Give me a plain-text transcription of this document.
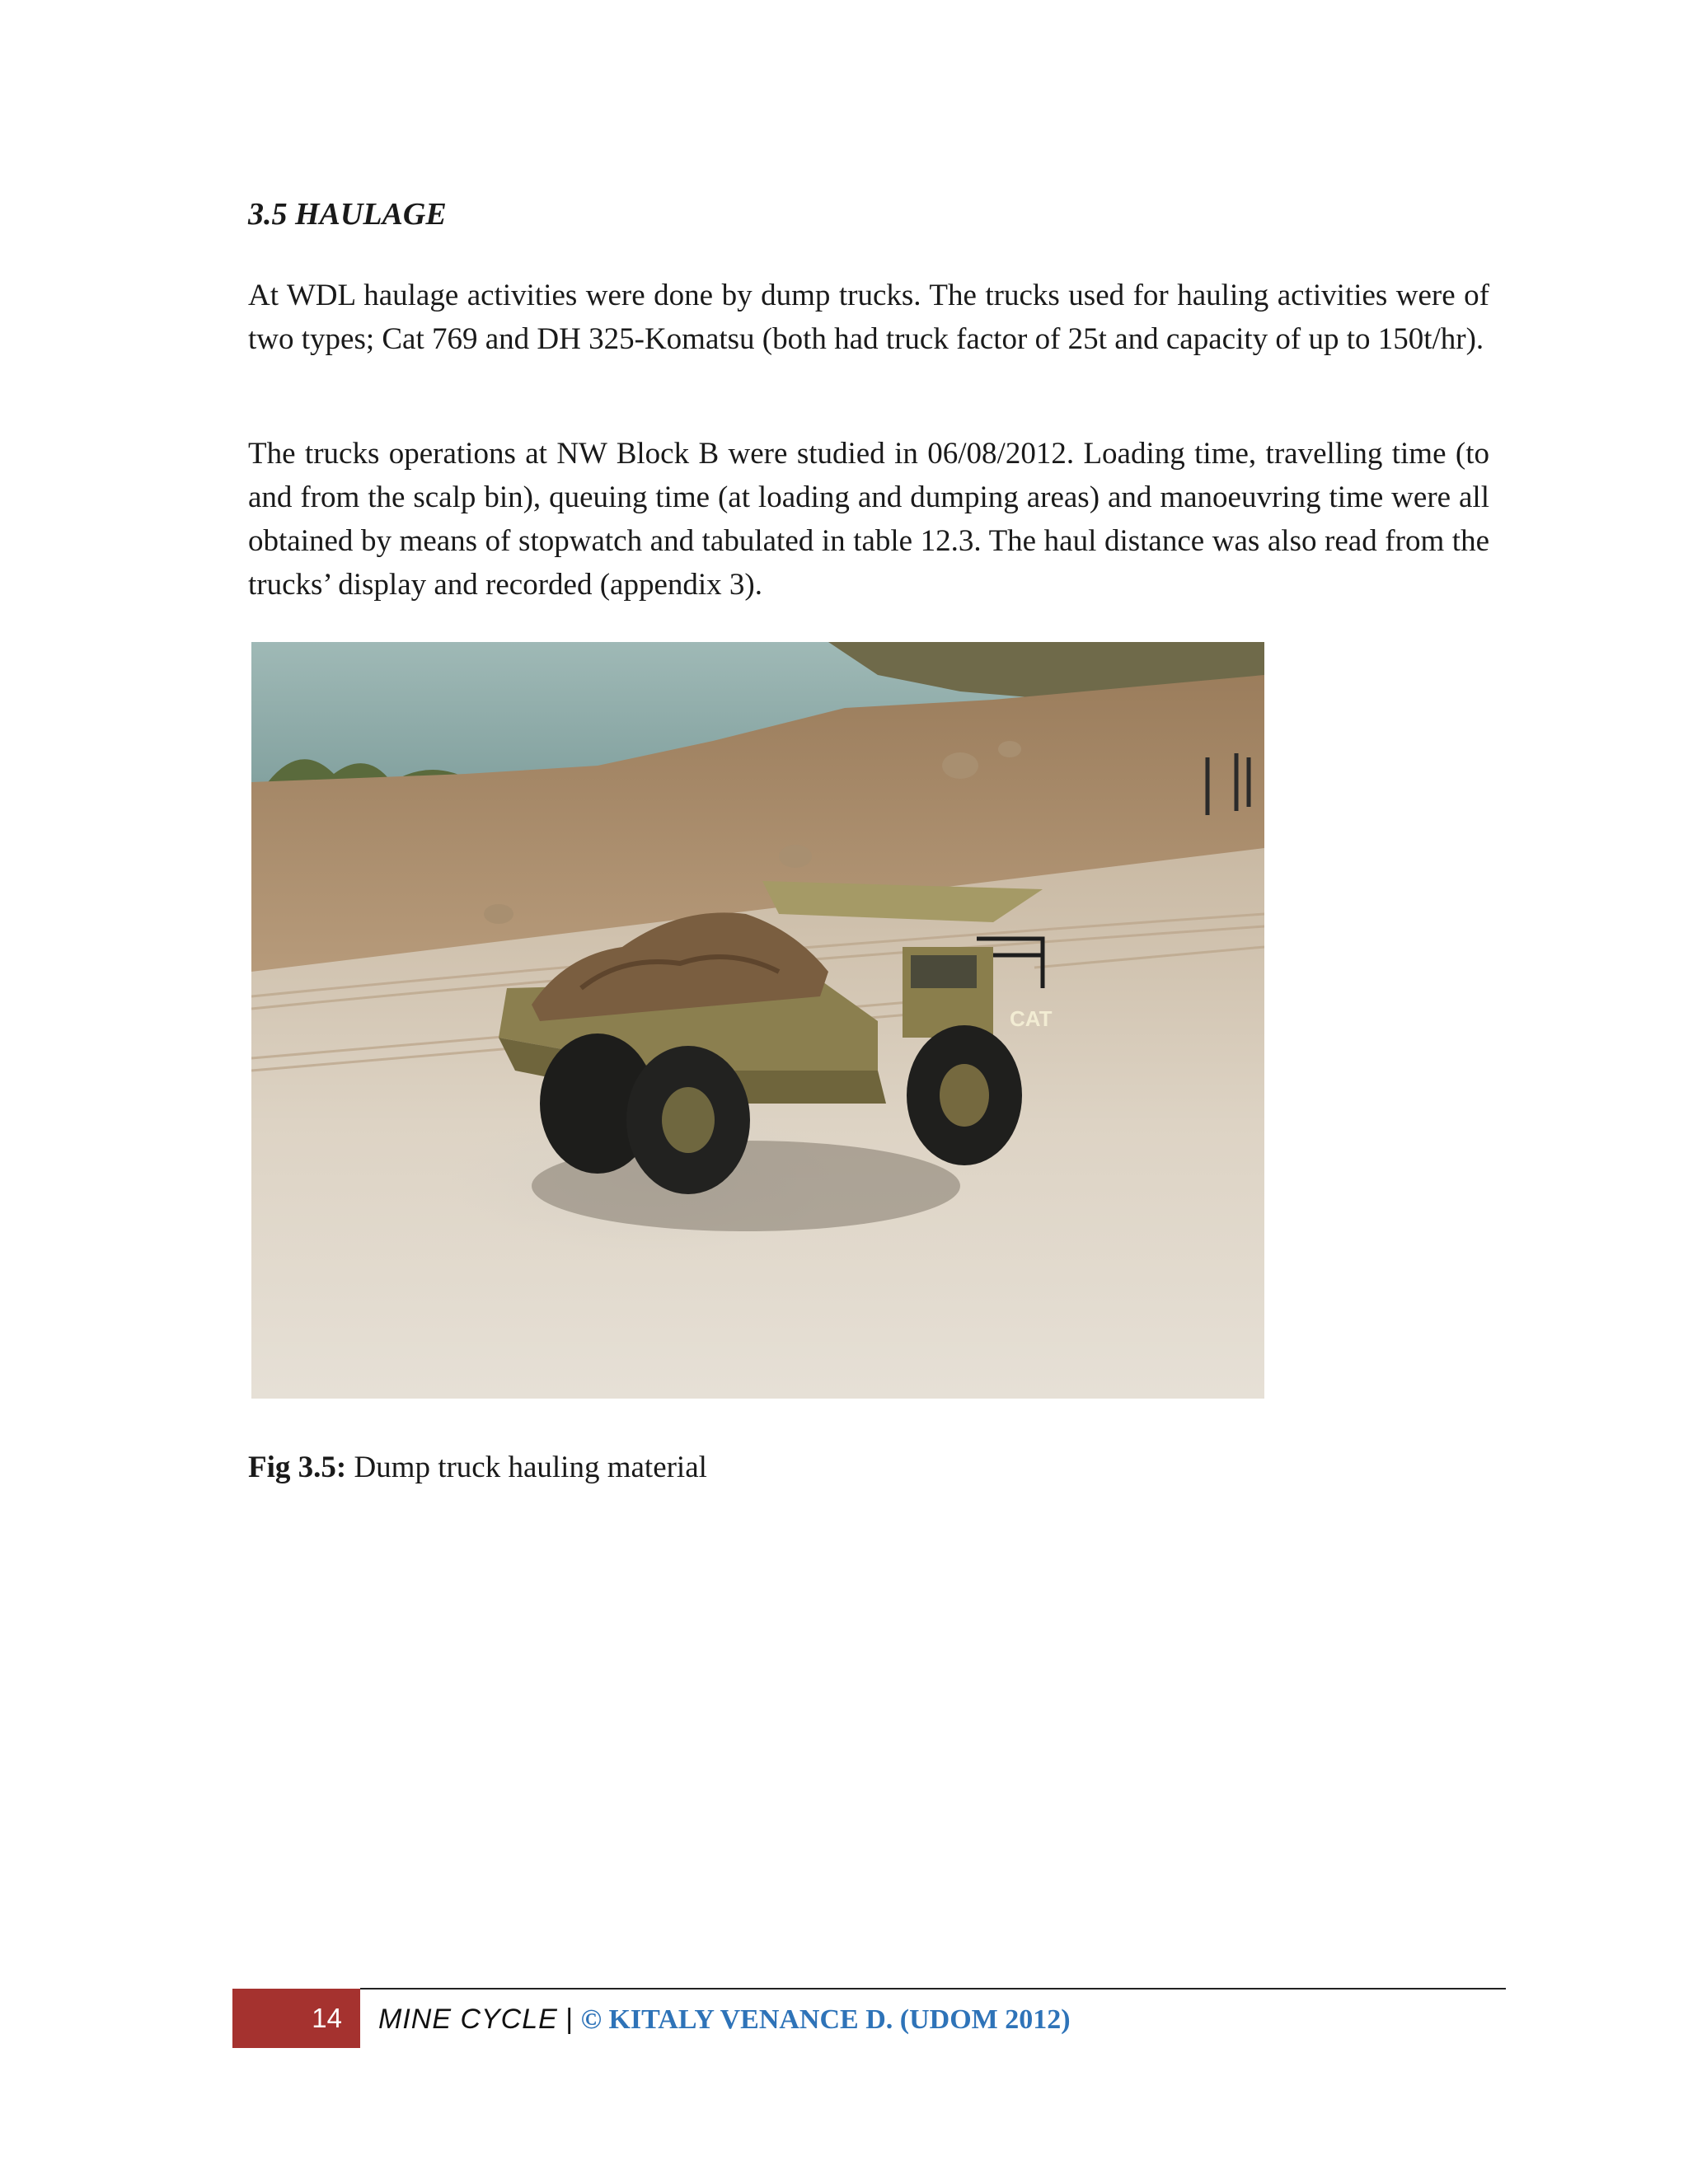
3.5 HAULAGE

At WDL haulage activities were done by dump trucks. The trucks used for hauling activities were of two types; Cat 769 and DH 325-Komatsu (both had truck factor of 25t and capacity of up to 150t/hr).

The trucks operations at NW Block B were studied in 06/08/2012. Loading time, travelling time (to and from the scalp bin), queuing time (at loading and dumping areas) and manoeuvring time were all obtained by means of stopwatch and tabulated in table 12.3. The haul distance was also read from the trucks’ display and recorded (appendix 3).

CAT

Fig 3.5: Dump truck hauling material

14	MINE CYCLE | © KITALY VENANCE D. (UDOM 2012)
